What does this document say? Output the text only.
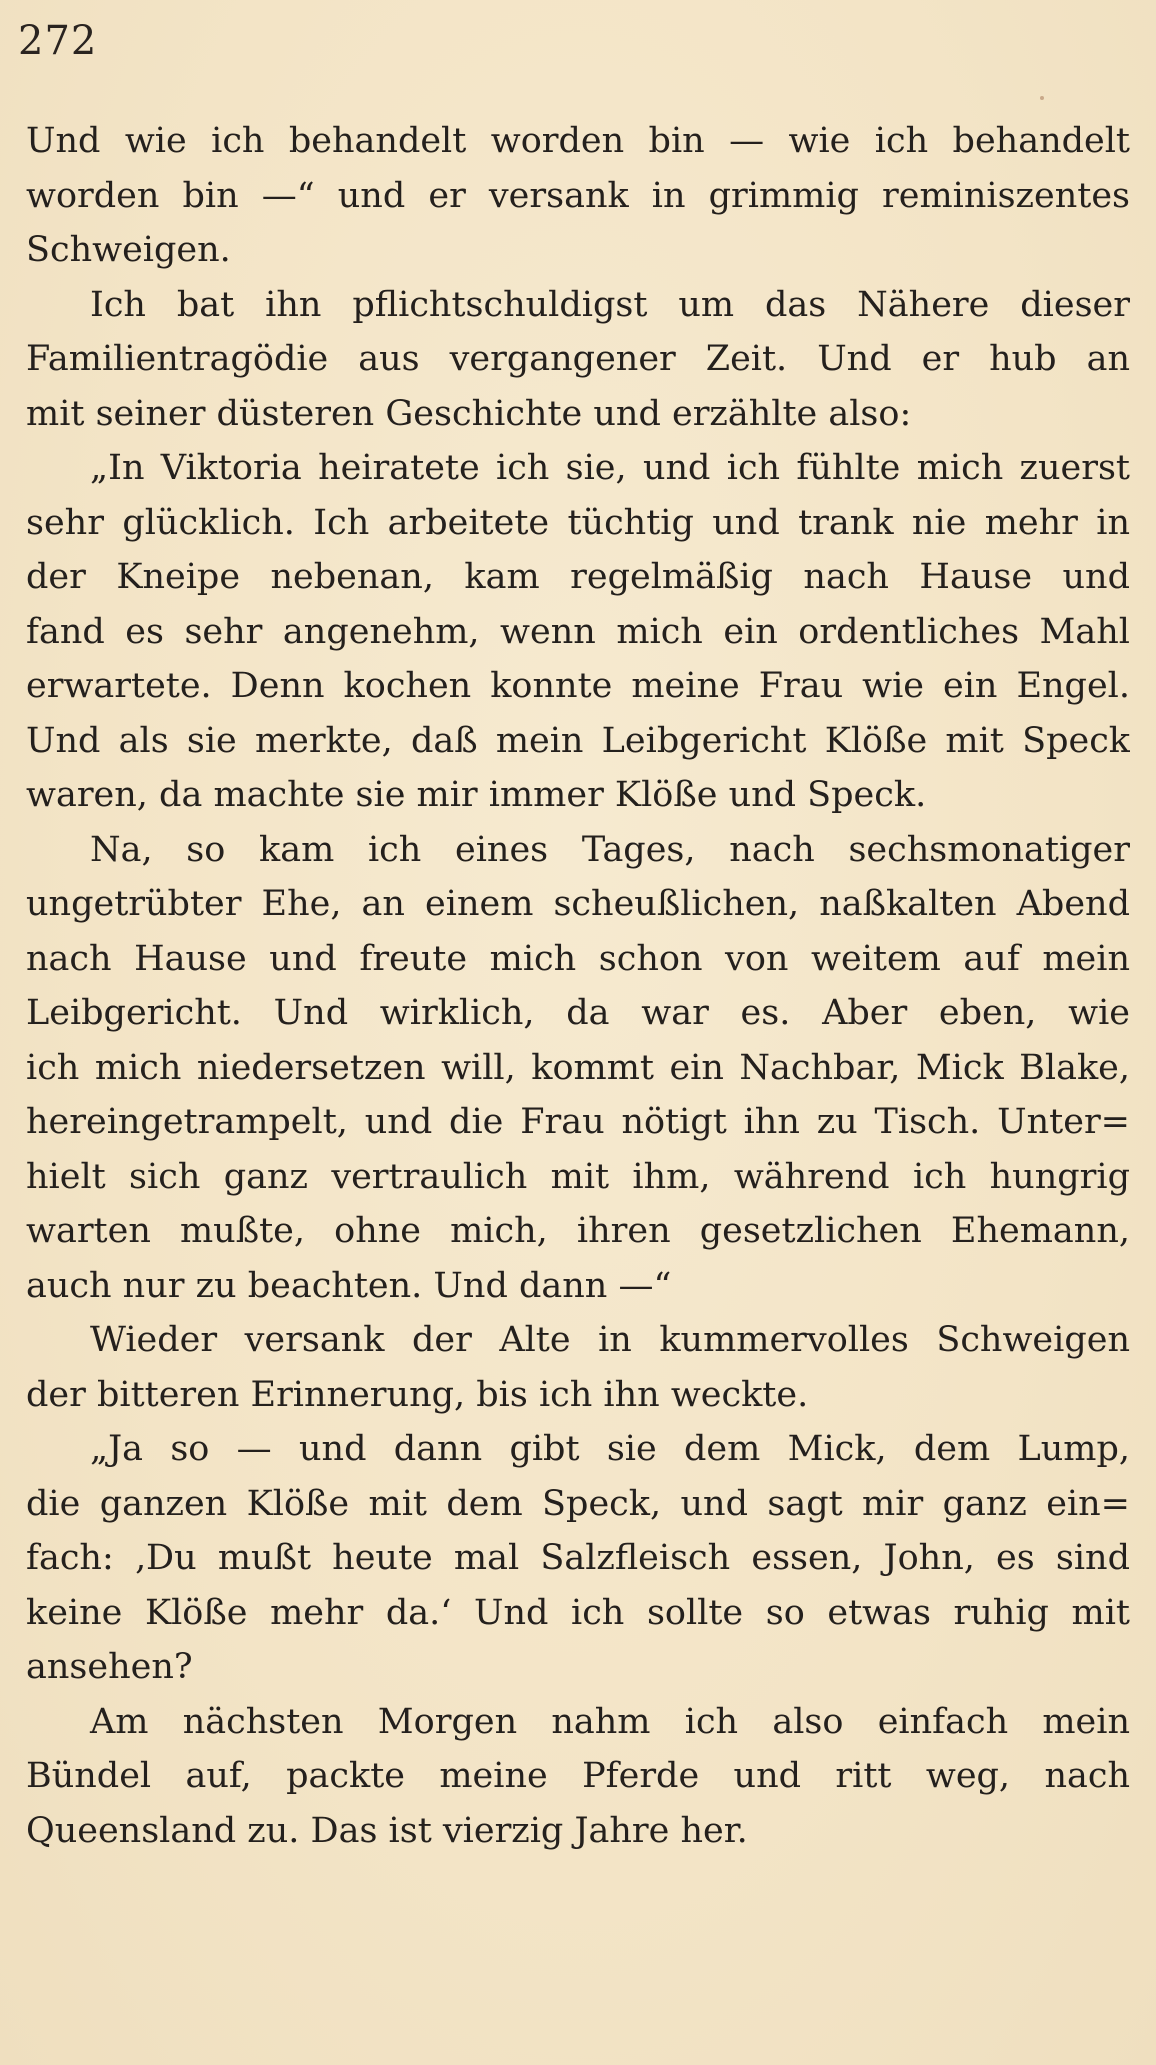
272
Und wie ich behandelt worden bin — wie ich behandelt
worden bin —“ und er versank in grimmig reminiszentes
Schweigen.
Ich bat ihn pflichtschuldigst um das Nähere dieser
Familientragödie aus vergangener Zeit. Und er hub an
mit seiner düsteren Geschichte und erzählte also:
„In Viktoria heiratete ich sie, und ich fühlte mich zuerst
sehr glücklich. Ich arbeitete tüchtig und trank nie mehr in
der Kneipe nebenan, kam regelmäßig nach Hause und
fand es sehr angenehm, wenn mich ein ordentliches Mahl
erwartete. Denn kochen konnte meine Frau wie ein Engel.
Und als sie merkte, daß mein Leibgericht Klöße mit Speck
waren, da machte sie mir immer Klöße und Speck.
Na, so kam ich eines Tages, nach sechsmonatiger
ungetrübter Ehe, an einem scheußlichen, naßkalten Abend
nach Hause und freute mich schon von weitem auf mein
Leibgericht. Und wirklich, da war es. Aber eben, wie
ich mich niedersetzen will, kommt ein Nachbar, Mick Blake,
hereingetrampelt, und die Frau nötigt ihn zu Tisch. Unter=
hielt sich ganz vertraulich mit ihm, während ich hungrig
warten mußte, ohne mich, ihren gesetzlichen Ehemann,
auch nur zu beachten. Und dann —“
Wieder versank der Alte in kummervolles Schweigen
der bitteren Erinnerung, bis ich ihn weckte.
„Ja so — und dann gibt sie dem Mick, dem Lump,
die ganzen Klöße mit dem Speck, und sagt mir ganz ein=
fach: ‚Du mußt heute mal Salzfleisch essen, John, es sind
keine Klöße mehr da.‘ Und ich sollte so etwas ruhig mit
ansehen?
Am nächsten Morgen nahm ich also einfach mein
Bündel auf, packte meine Pferde und ritt weg, nach
Queensland zu. Das ist vierzig Jahre her.
